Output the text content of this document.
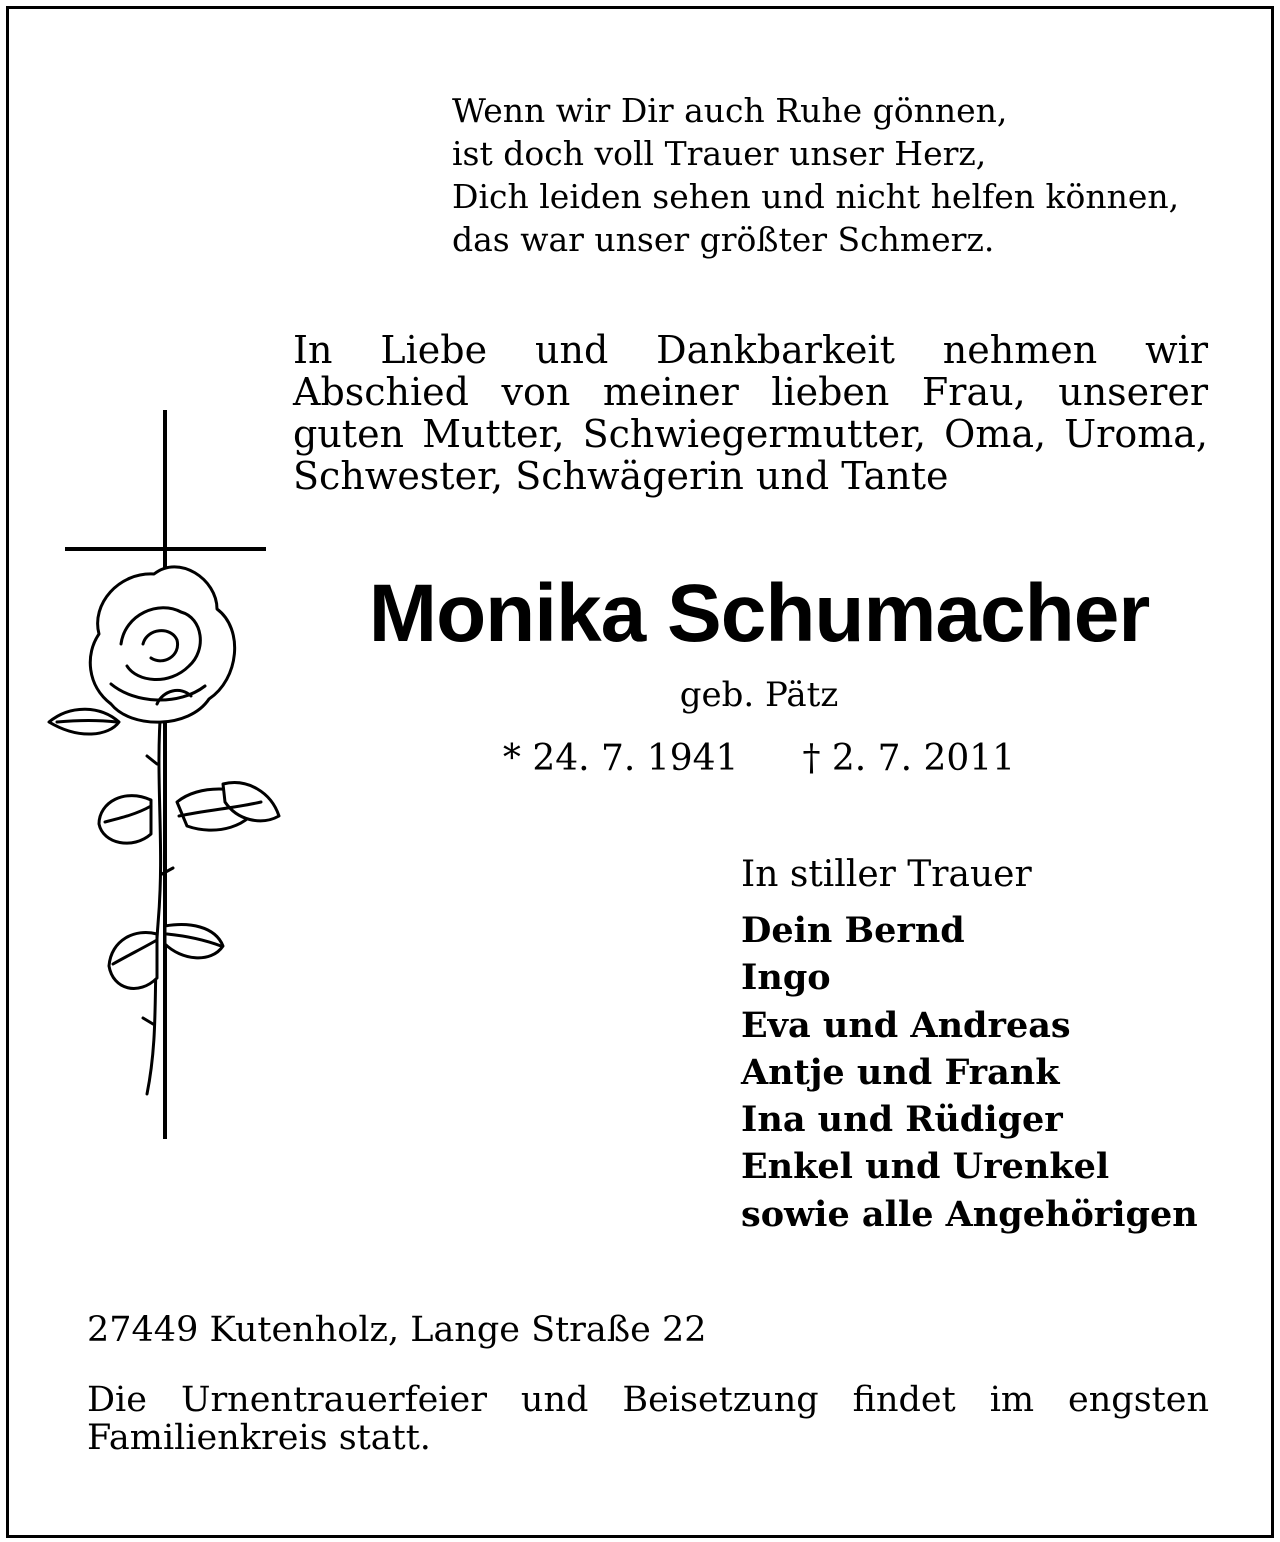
Wenn wir Dir auch Ruhe gönnen,
ist doch voll Trauer unser Herz,
Dich leiden sehen und nicht helfen können,
das war unser größter Schmerz.
In Liebe und Dankbarkeit nehmen wir
Abschied von meiner lieben Frau, unserer
guten Mutter, Schwiegermutter, Oma, Uroma,
Schwester, Schwägerin und Tante
Monika Schumacher
geb. Pätz
* 24. 7. 1941 † 2. 7. 2011
In stiller Trauer
Dein Bernd
Ingo
Eva und Andreas
Antje und Frank
Ina und Rüdiger
Enkel und Urenkel
sowie alle Angehörigen
27449 Kutenholz, Lange Straße 22
Die Urnentrauerfeier und Beisetzung findet im engsten
Familienkreis statt.
